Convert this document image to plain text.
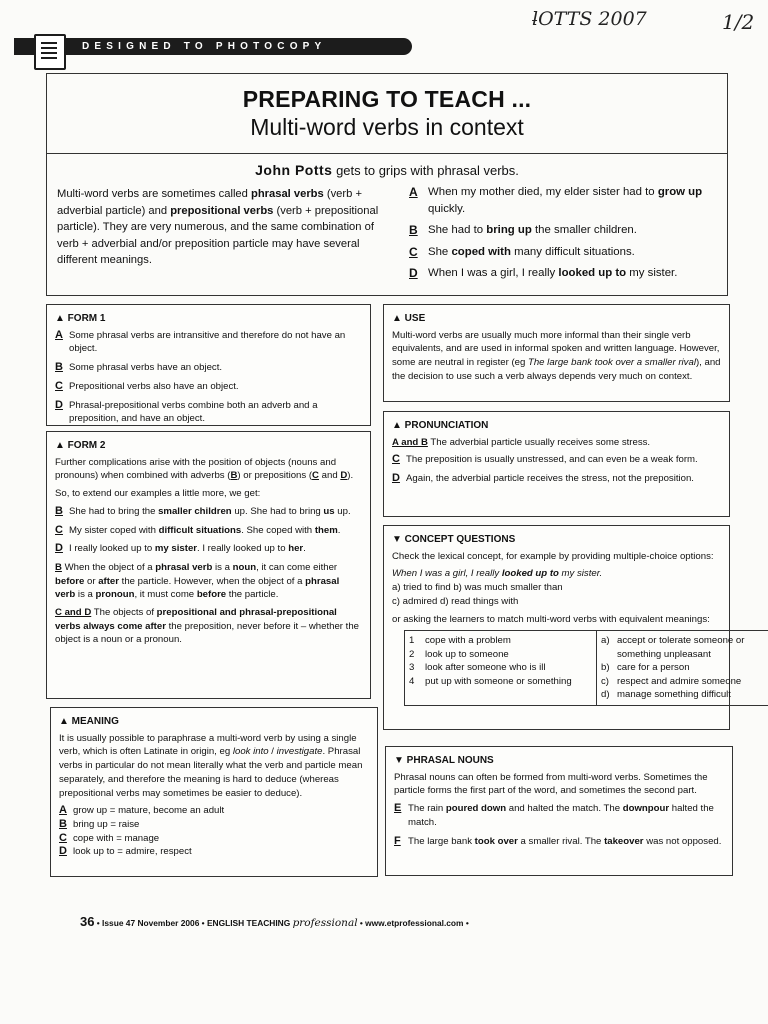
ƚOTTS 2007	1/2
DESIGNED TO PHOTOCOPY
PREPARING TO TEACH ...
Multi-word verbs in context
John Potts gets to grips with phrasal verbs.
Multi-word verbs are sometimes called phrasal verbs (verb + adverbial particle) and prepositional verbs (verb + prepositional particle). They are very numerous, and the same combination of verb + adverbial and/or preposition particle may have several different meanings.
A When my mother died, my elder sister had to grow up quickly.
B She had to bring up the smaller children.
C She coped with many difficult situations.
D When I was a girl, I really looked up to my sister.
▲ FORM 1
A Some phrasal verbs are intransitive and therefore do not have an object.
B Some phrasal verbs have an object.
C Prepositional verbs also have an object.
D Phrasal-prepositional verbs combine both an adverb and a preposition, and have an object.
▲ FORM 2

Further complications arise with the position of objects (nouns and pronouns) when combined with adverbs (B) or prepositions (C and D).

So, to extend our examples a little more, we get:

B She had to bring the smaller children up. She had to bring us up.
C My sister coped with difficult situations. She coped with them.
D I really looked up to my sister. I really looked up to her.

B When the object of a phrasal verb is a noun, it can come either before or after the particle. However, when the object of a phrasal verb is a pronoun, it must come before the particle.

C and D The objects of prepositional and phrasal-prepositional verbs always come after the preposition, never before it – whether the object is a noun or a pronoun.

▲ MEANING

It is usually possible to paraphrase a multi-word verb by using a single verb, which is often Latinate in origin, eg look into / investigate. Phrasal verbs in particular do not mean literally what the verb and particle mean separately, and therefore the meaning is hard to deduce (whereas prepositional verbs may sometimes be easier to deduce).

A grow up = mature, become an adult
B bring up = raise
C cope with = manage
D look up to = admire, respect
▲ USE

Multi-word verbs are usually much more informal than their single verb equivalents, and are used in informal spoken and written language. However, some are neutral in register (eg The large bank took over a smaller rival), and the decision to use such a verb always depends very much on context.

▲ PRONUNCIATION
A and B The adverbial particle usually receives some stress.
C The preposition is usually unstressed, and can even be a weak form.
D Again, the adverbial particle receives the stress, not the preposition.
▼ CONCEPT QUESTIONS

Check the lexical concept, for example by providing multiple-choice options:

When I was a girl, I really looked up to my sister.
a) tried to find b) was much smaller than
c) admired d) read things with

or asking the learners to match multi-word verbs with equivalent meanings:

1 cope with a problem
2 look up to someone
3 look after someone who is ill
4 put up with someone or something
a) accept or tolerate someone or something unpleasant
b) care for a person
c) respect and admire someone
d) manage something difficult
▼ PHRASAL NOUNS

Phrasal nouns can often be formed from multi-word verbs. Sometimes the particle forms the first part of the word, and sometimes the second part.

E The rain poured down and halted the match. The downpour halted the match.
F The large bank took over a smaller rival. The takeover was not opposed.
36 • Issue 47 November 2006 • ENGLISH TEACHING professional • www.etprofessional.com •
